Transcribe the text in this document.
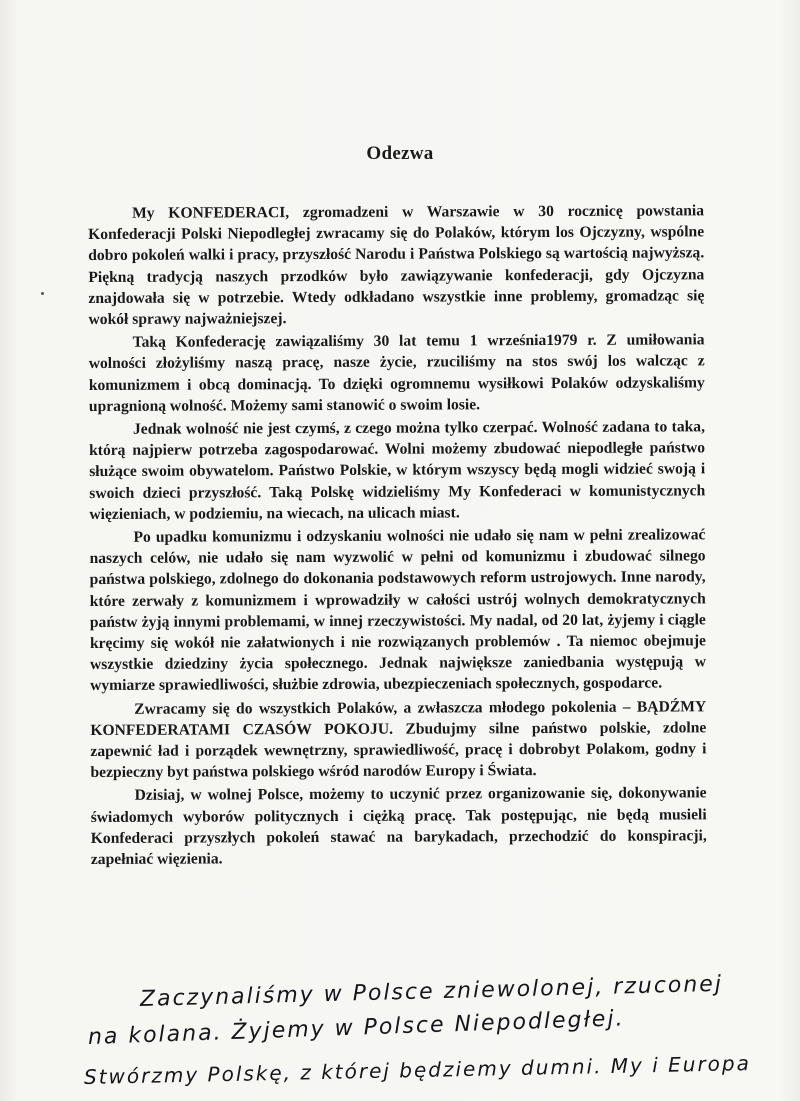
Odezwa

My KONFEDERACI, zgromadzeni w Warszawie w 30 rocznicę powstania Konfederacji Polski Niepodległej zwracamy się do Polaków, którym los Ojczyzny, wspólne dobro pokoleń walki i pracy, przyszłość Narodu i Państwa Polskiego są wartością najwyższą. Piękną tradycją naszych przodków było zawiązywanie konfederacji, gdy Ojczyzna znajdowała się w potrzebie. Wtedy odkładano wszystkie inne problemy, gromadząc się wokół sprawy najważniejszej.

Taką Konfederację zawiązaliśmy 30 lat temu 1 września1979 r. Z umiłowania wolności złożyliśmy naszą pracę, nasze życie, rzuciliśmy na stos swój los walcząc z komunizmem i obcą dominacją. To dzięki ogromnemu wysiłkowi Polaków odzyskaliśmy upragnioną wolność. Możemy sami stanowić o swoim losie.

Jednak wolność nie jest czymś, z czego można tylko czerpać. Wolność zadana to taka, którą najpierw potrzeba zagospodarować. Wolni możemy zbudować niepodległe państwo służące swoim obywatelom. Państwo Polskie, w którym wszyscy będą mogli widzieć swoją i swoich dzieci przyszłość. Taką Polskę widzieliśmy My Konfederaci w komunistycznych więzieniach, w podziemiu, na wiecach, na ulicach miast.

Po upadku komunizmu i odzyskaniu wolności nie udało się nam w pełni zrealizować naszych celów, nie udało się nam wyzwolić w pełni od komunizmu i zbudować silnego państwa polskiego, zdolnego do dokonania podstawowych reform ustrojowych. Inne narody, które zerwały z komunizmem i wprowadziły w całości ustrój wolnych demokratycznych państw żyją innymi problemami, w innej rzeczywistości. My nadal, od 20 lat, żyjemy i ciągle kręcimy się wokół nie załatwionych i nie rozwiązanych problemów . Ta niemoc obejmuje wszystkie dziedziny życia społecznego. Jednak największe zaniedbania występują w wymiarze sprawiedliwości, służbie zdrowia, ubezpieczeniach społecznych, gospodarce.

Zwracamy się do wszystkich Polaków, a zwłaszcza młodego pokolenia – BĄDŹMY KONFEDERATAMI CZASÓW POKOJU. Zbudujmy silne państwo polskie, zdolne zapewnić ład i porządek wewnętrzny, sprawiedliwość, pracę i dobrobyt Polakom, godny i bezpieczny byt państwa polskiego wśród narodów Europy i Świata.

Dzisiaj, w wolnej Polsce, możemy to uczynić przez organizowanie się, dokonywanie świadomych wyborów politycznych i ciężką pracę. Tak postępując, nie będą musieli Konfederaci przyszłych pokoleń stawać na barykadach, przechodzić do konspiracji, zapełniać więzienia.

Zaczynaliśmy w Polsce zniewolonej, rzuconej
na kolana. Żyjemy w Polsce Niepodległej.
Stwórzmy Polskę, z której będziemy dumni. My i Europa
